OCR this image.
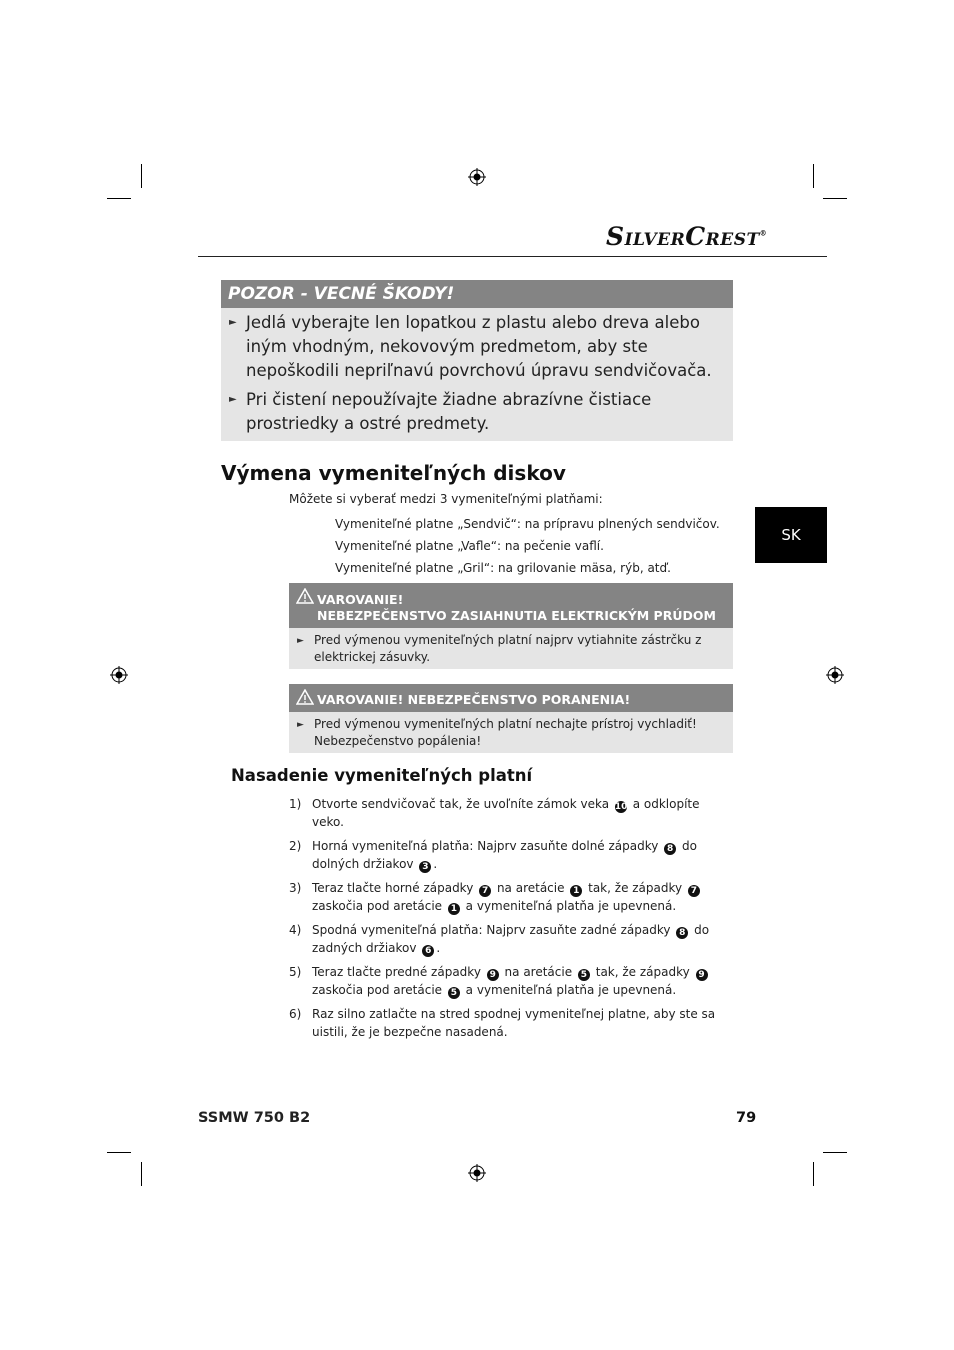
SILVERCREST®
POZOR - VECNÉ ŠKODY!
► Jedlá vyberajte len lopatkou z plastu alebo dreva alebo iným vhodným, nekovovým predmetom, aby ste nepoškodili nepriľnavú povrchovú úpravu sendvičovača.
► Pri čistení nepoužívajte žiadne abrazívne čistiace prostriedky a ostré predmety.
Výmena vymeniteľných diskov
Môžete si vyberať medzi 3 vymeniteľnými platňami:
Vymeniteľné platne „Sendvič“: na prípravu plnených sendvičov.
Vymeniteľné platne „Vafle“: na pečenie vaflí.
Vymeniteľné platne „Gril“: na grilovanie mäsa, rýb, atď.
VAROVANIE!
NEBEZPEČENSTVO ZASIAHNUTIA ELEKTRICKÝM PRÚDOM
► Pred výmenou vymeniteľných platní najprv vytiahnite zástrčku z elektrickej zásuvky.
VAROVANIE! NEBEZPEČENSTVO PORANENIA!
► Pred výmenou vymeniteľných platní nechajte prístroj vychladiť!
Nebezpečenstvo popálenia!
Nasadenie vymeniteľných platní
1) Otvorte sendvičovač tak, že uvoľníte zámok veka 10 a odklopíte veko.
2) Horná vymeniteľná platňa: Najprv zasuňte dolné západky 8 do dolných držiakov 3 .
3) Teraz tlačte horné západky 7 na aretácie 1 tak, že západky 7 zaskočia pod aretácie 1 a vymeniteľná platňa je upevnená.
4) Spodná vymeniteľná platňa: Najprv zasuňte zadné západky 8 do zadných držiakov 6 .
5) Teraz tlačte predné západky 9 na aretácie 5 tak, že západky 9 zaskočia pod aretácie 5 a vymeniteľná platňa je upevnená.
6) Raz silno zatlačte na stred spodnej vymeniteľnej platne, aby ste sa uistili, že je bezpečne nasadená.
SK
SSMW 750 B2	79
